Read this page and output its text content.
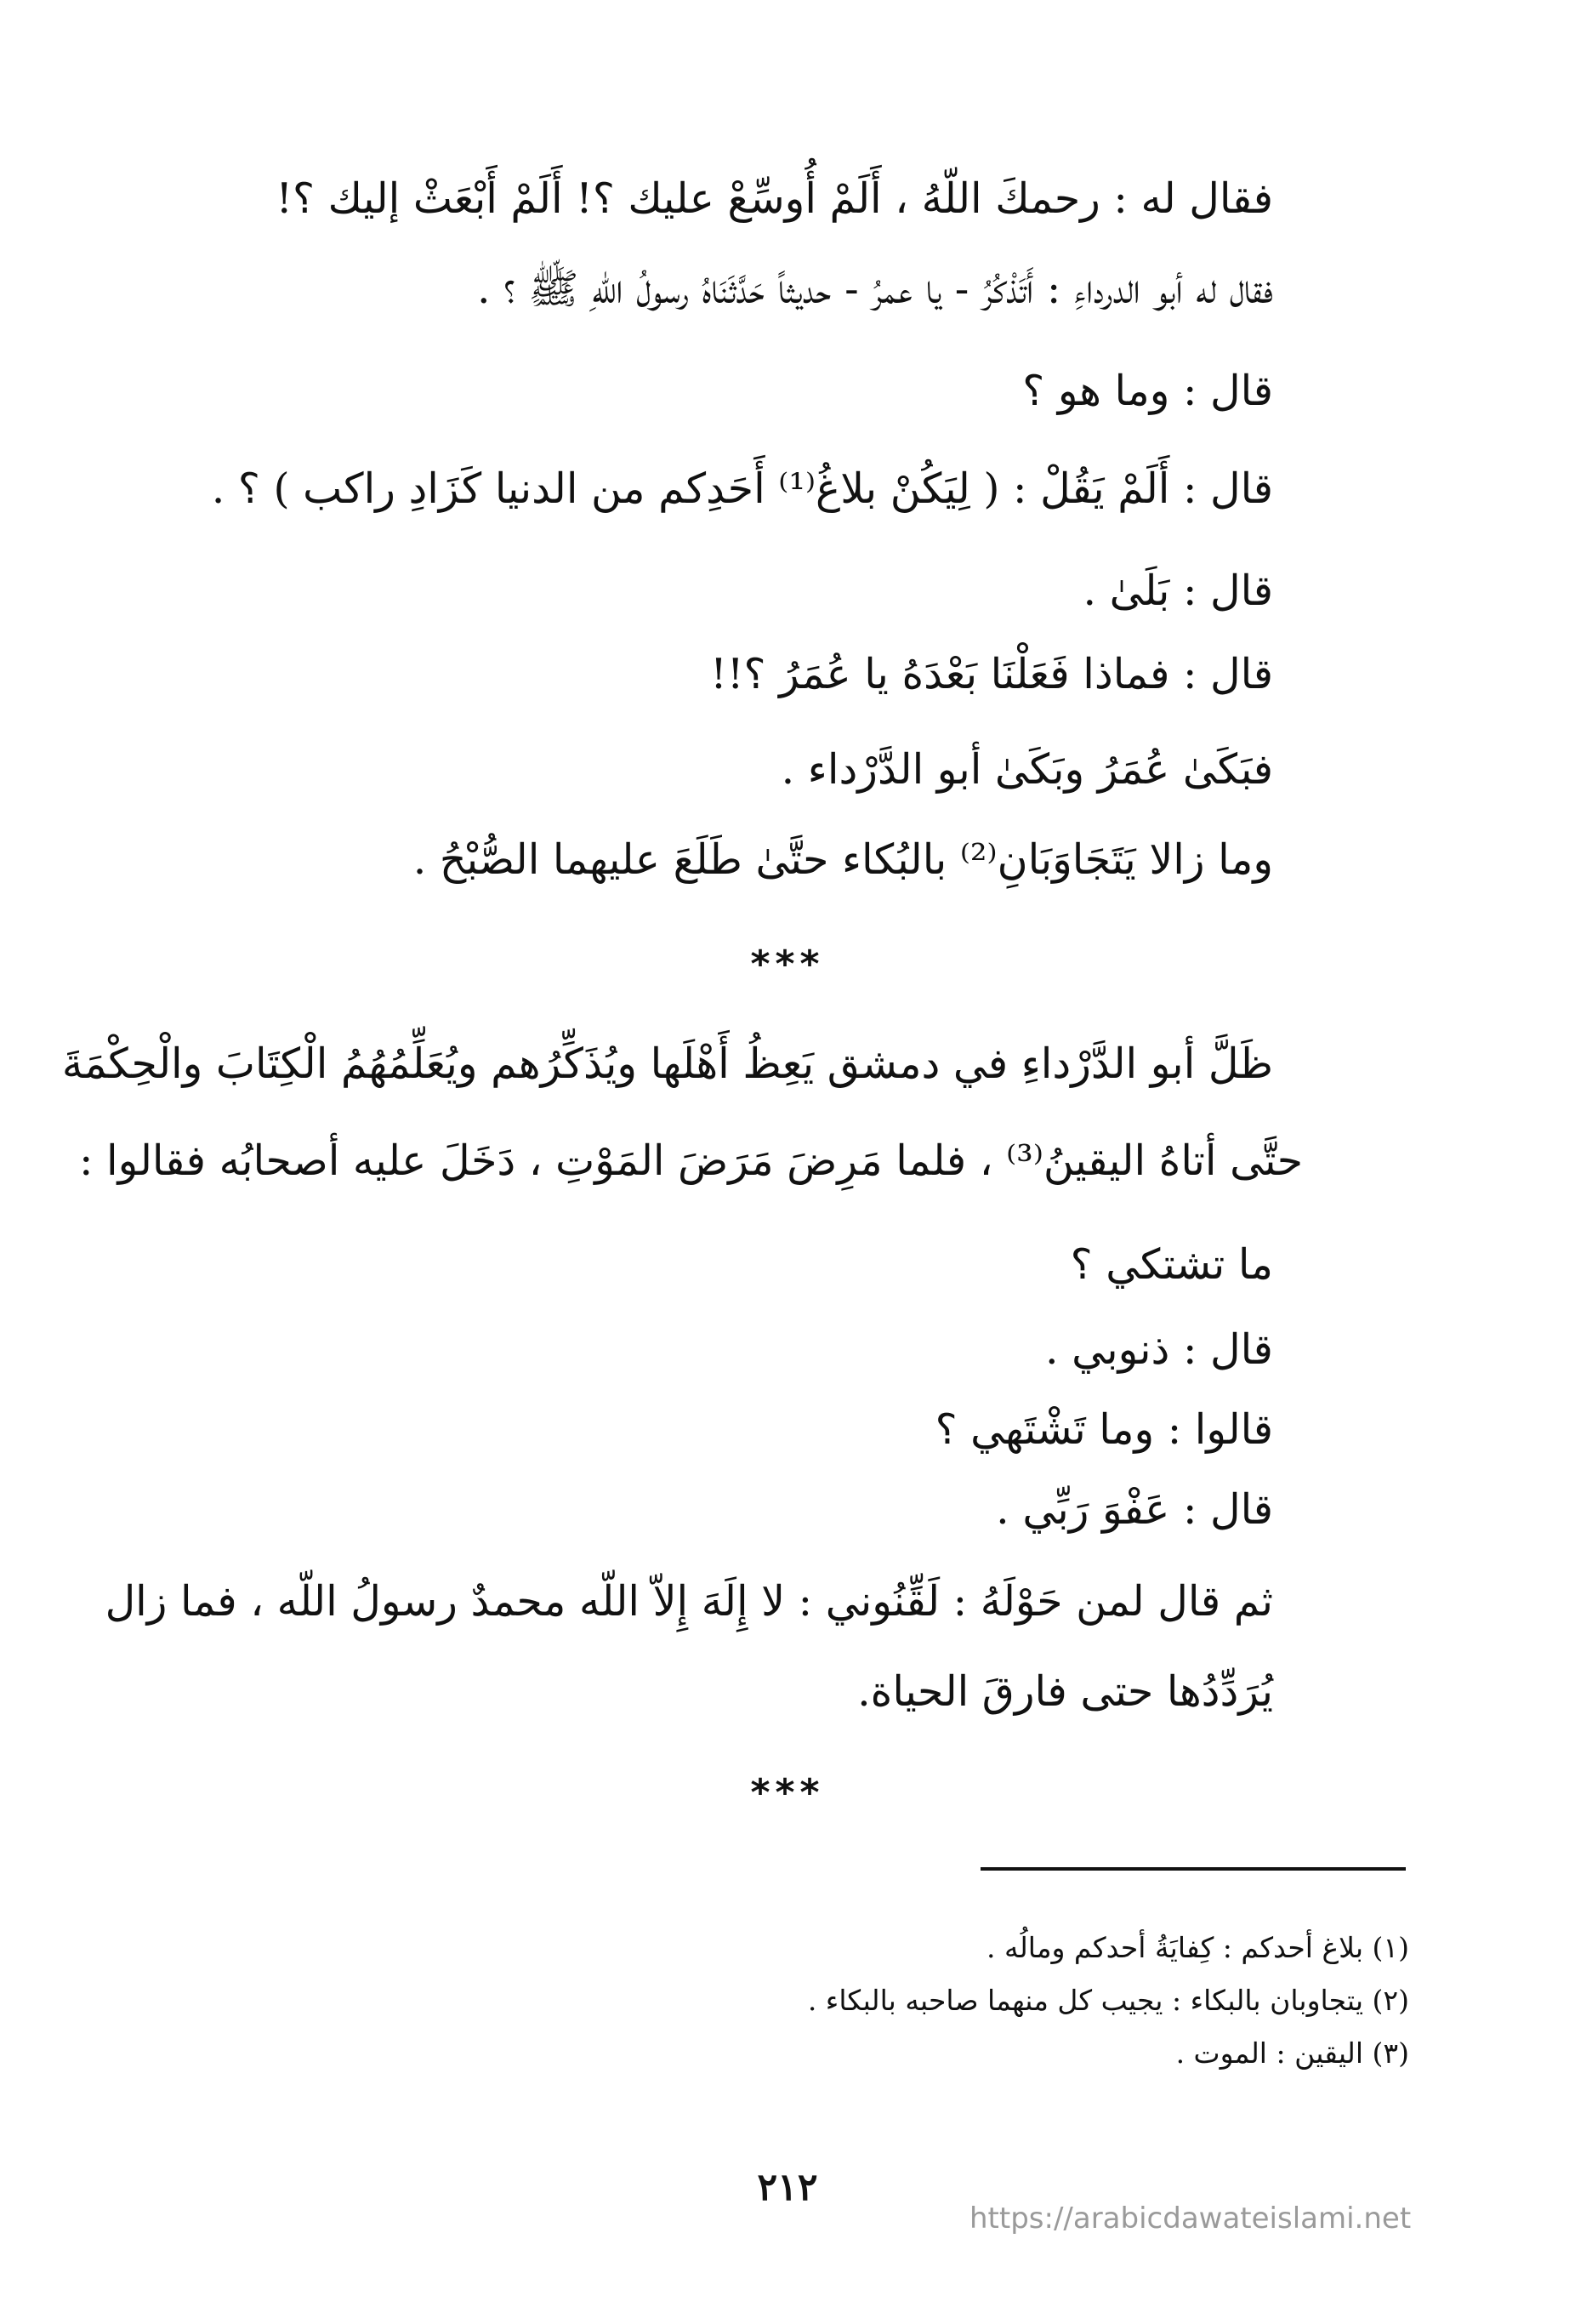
فقال له : رحمكَ اللّهُ ، أَلَمْ أُوسِّعْ عليك ؟! أَلَمْ أَبْعَثْ إليك ؟!
فقال له أبو الدرداءِ : أَتَذْكُرُ - يا عمرُ - حديثاً حَدَّثَنَاهُ رسولُ اللّهِ ﷺ ؟ .
قال : وما هو ؟
قال : أَلَمْ يَقُلْ : ( لِيَكُنْ بلاغُ⁽¹⁾ أَحَدِكم من الدنيا كَزَادِ راكب ) ؟ .
قال : بَلَىٰ .
قال : فماذا فَعَلْنَا بَعْدَهُ يا عُمَرُ ؟!!
فبَكَىٰ عُمَرُ وبَكَىٰ أبو الدَّرْداء .
وما زالا يَتَجَاوَبَانِ⁽²⁾ بالبُكاء حتَّىٰ طَلَعَ عليهما الصُّبْحُ .
***
ظَلَّ أبو الدَّرْداءِ في دمشق يَعِظُ أَهْلَها ويُذَكِّرُهم ويُعَلِّمُهُمُ الْكِتَابَ والْحِكْمَةَ
حتَّى أتاهُ اليقينُ⁽³⁾ ، فلما مَرِضَ مَرَضَ المَوْتِ ، دَخَلَ عليه أصحابُه فقالوا :
ما تشتكي ؟
قال : ذنوبي .
قالوا : وما تَشْتَهي ؟
قال : عَفْوَ رَبِّي .
ثم قال لمن حَوْلَهُ : لَقِّنُوني : لا إِلَهَ إِلاّ اللّه محمدٌ رسولُ اللّه ، فما زال
يُرَدِّدُها حتى فارقَ الحياة.
***
(١) بلاغ أحدكم : كِفايَةُ أحدكم ومالُه .
(٢) يتجاوبان بالبكاء : يجيب كل منهما صاحبه بالبكاء .
(٣) اليقين : الموت .
٢١٢
https://arabicdawateislami.net
